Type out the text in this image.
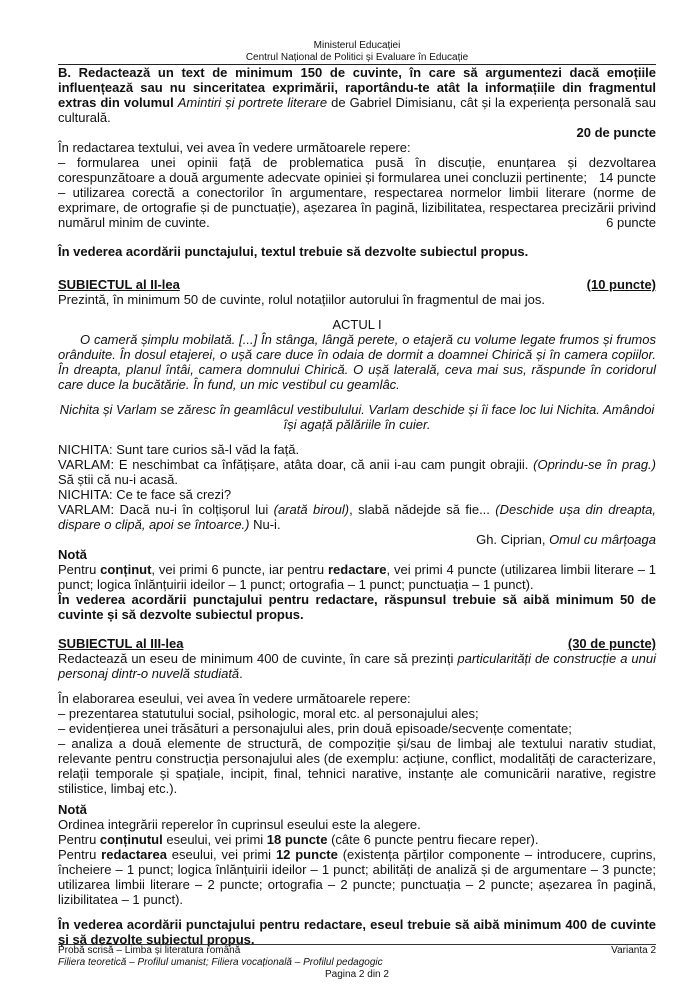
Ministerul Educației
Centrul Național de Politici și Evaluare în Educație

B. Redactează un text de minimum 150 de cuvinte, în care să argumentezi dacă emoțiile influențează sau nu sinceritatea exprimării, raportându-te atât la informațiile din fragmentul extras din volumul Amintiri și portrete literare de Gabriel Dimisianu, cât și la experiența personală sau culturală.

20 de puncte

În redactarea textului, vei avea în vedere următoarele repere:

– formularea unei opinii față de problematica pusă în discuție, enunțarea și dezvoltarea corespunzătoare a două argumente adecvate opiniei și formularea unei concluzii pertinente; 14 puncte

– utilizarea corectă a conectorilor în argumentare, respectarea normelor limbii literare (norme de exprimare, de ortografie și de punctuație), așezarea în pagină, lizibilitatea, respectarea precizării privind numărul minim de cuvinte.	6 puncte

În vederea acordării punctajului, textul trebuie să dezvolte subiectul propus.

SUBIECTUL al II-lea	(10 puncte)

Prezintă, în minimum 50 de cuvinte, rolul notațiilor autorului în fragmentul de mai jos.

ACTUL I

O cameră șimplu mobilată. [...] În stânga, lângă perete, o etajeră cu volume legate frumos și frumos orânduite. În dosul etajerei, o ușă care duce în odaia de dormit a doamnei Chirică și în camera copiilor. În dreapta, planul întâi, camera domnului Chirică. O ușă laterală, ceva mai sus, răspunde în coridorul care duce la bucătărie. În fund, un mic vestibul cu geamlâc.

Nichita și Varlam se zăresc în geamlâcul vestibulului. Varlam deschide și îi face loc lui Nichita. Amândoi își agață pălăriile în cuier.

NICHITA: Sunt tare curios să-l văd la față.

VARLAM: E neschimbat ca înfățișare, atâta doar, că anii i-au cam pungit obrajii. (Oprindu-se în prag.) Să știi că nu-i acasă.

NICHITA: Ce te face să crezi?

VARLAM: Dacă nu-i în colțișorul lui (arată biroul), slabă nădejde să fie... (Deschide ușa din dreapta, dispare o clipă, apoi se întoarce.) Nu-i.

Gh. Ciprian, Omul cu mârțoaga

Notă

Pentru conținut, vei primi 6 puncte, iar pentru redactare, vei primi 4 puncte (utilizarea limbii literare – 1 punct; logica înlănțuirii ideilor – 1 punct; ortografia – 1 punct; punctuația – 1 punct).

În vederea acordării punctajului pentru redactare, răspunsul trebuie să aibă minimum 50 de cuvinte și să dezvolte subiectul propus.

SUBIECTUL al III-lea	(30 de puncte)

Redactează un eseu de minimum 400 de cuvinte, în care să prezinți particularități de construcție a unui personaj dintr-o nuvelă studiată.

În elaborarea eseului, vei avea în vedere următoarele repere:

– prezentarea statutului social, psihologic, moral etc. al personajului ales;

– evidențierea unei trăsături a personajului ales, prin două episoade/secvențe comentate;

– analiza a două elemente de structură, de compoziție și/sau de limbaj ale textului narativ studiat, relevante pentru construcția personajului ales (de exemplu: acțiune, conflict, modalități de caracterizare, relații temporale și spațiale, incipit, final, tehnici narative, instanțe ale comunicării narative, registre stilistice, limbaj etc.).

Notă

Ordinea integrării reperelor în cuprinsul eseului este la alegere.

Pentru conținutul eseului, vei primi 18 puncte (câte 6 puncte pentru fiecare reper).

Pentru redactarea eseului, vei primi 12 puncte (existența părților componente – introducere, cuprins, încheiere – 1 punct; logica înlănțuirii ideilor – 1 punct; abilități de analiză și de argumentare – 3 puncte; utilizarea limbii literare – 2 puncte; ortografia – 2 puncte; punctuația – 2 puncte; așezarea în pagină, lizibilitatea – 1 punct).

În vederea acordării punctajului pentru redactare, eseul trebuie să aibă minimum 400 de cuvinte și să dezvolte subiectul propus.

Probă scrisă – Limba și literatura română	Varianta 2
Filiera teoretică – Profilul umanist; Filiera vocațională – Profilul pedagogic
Pagina 2 din 2
